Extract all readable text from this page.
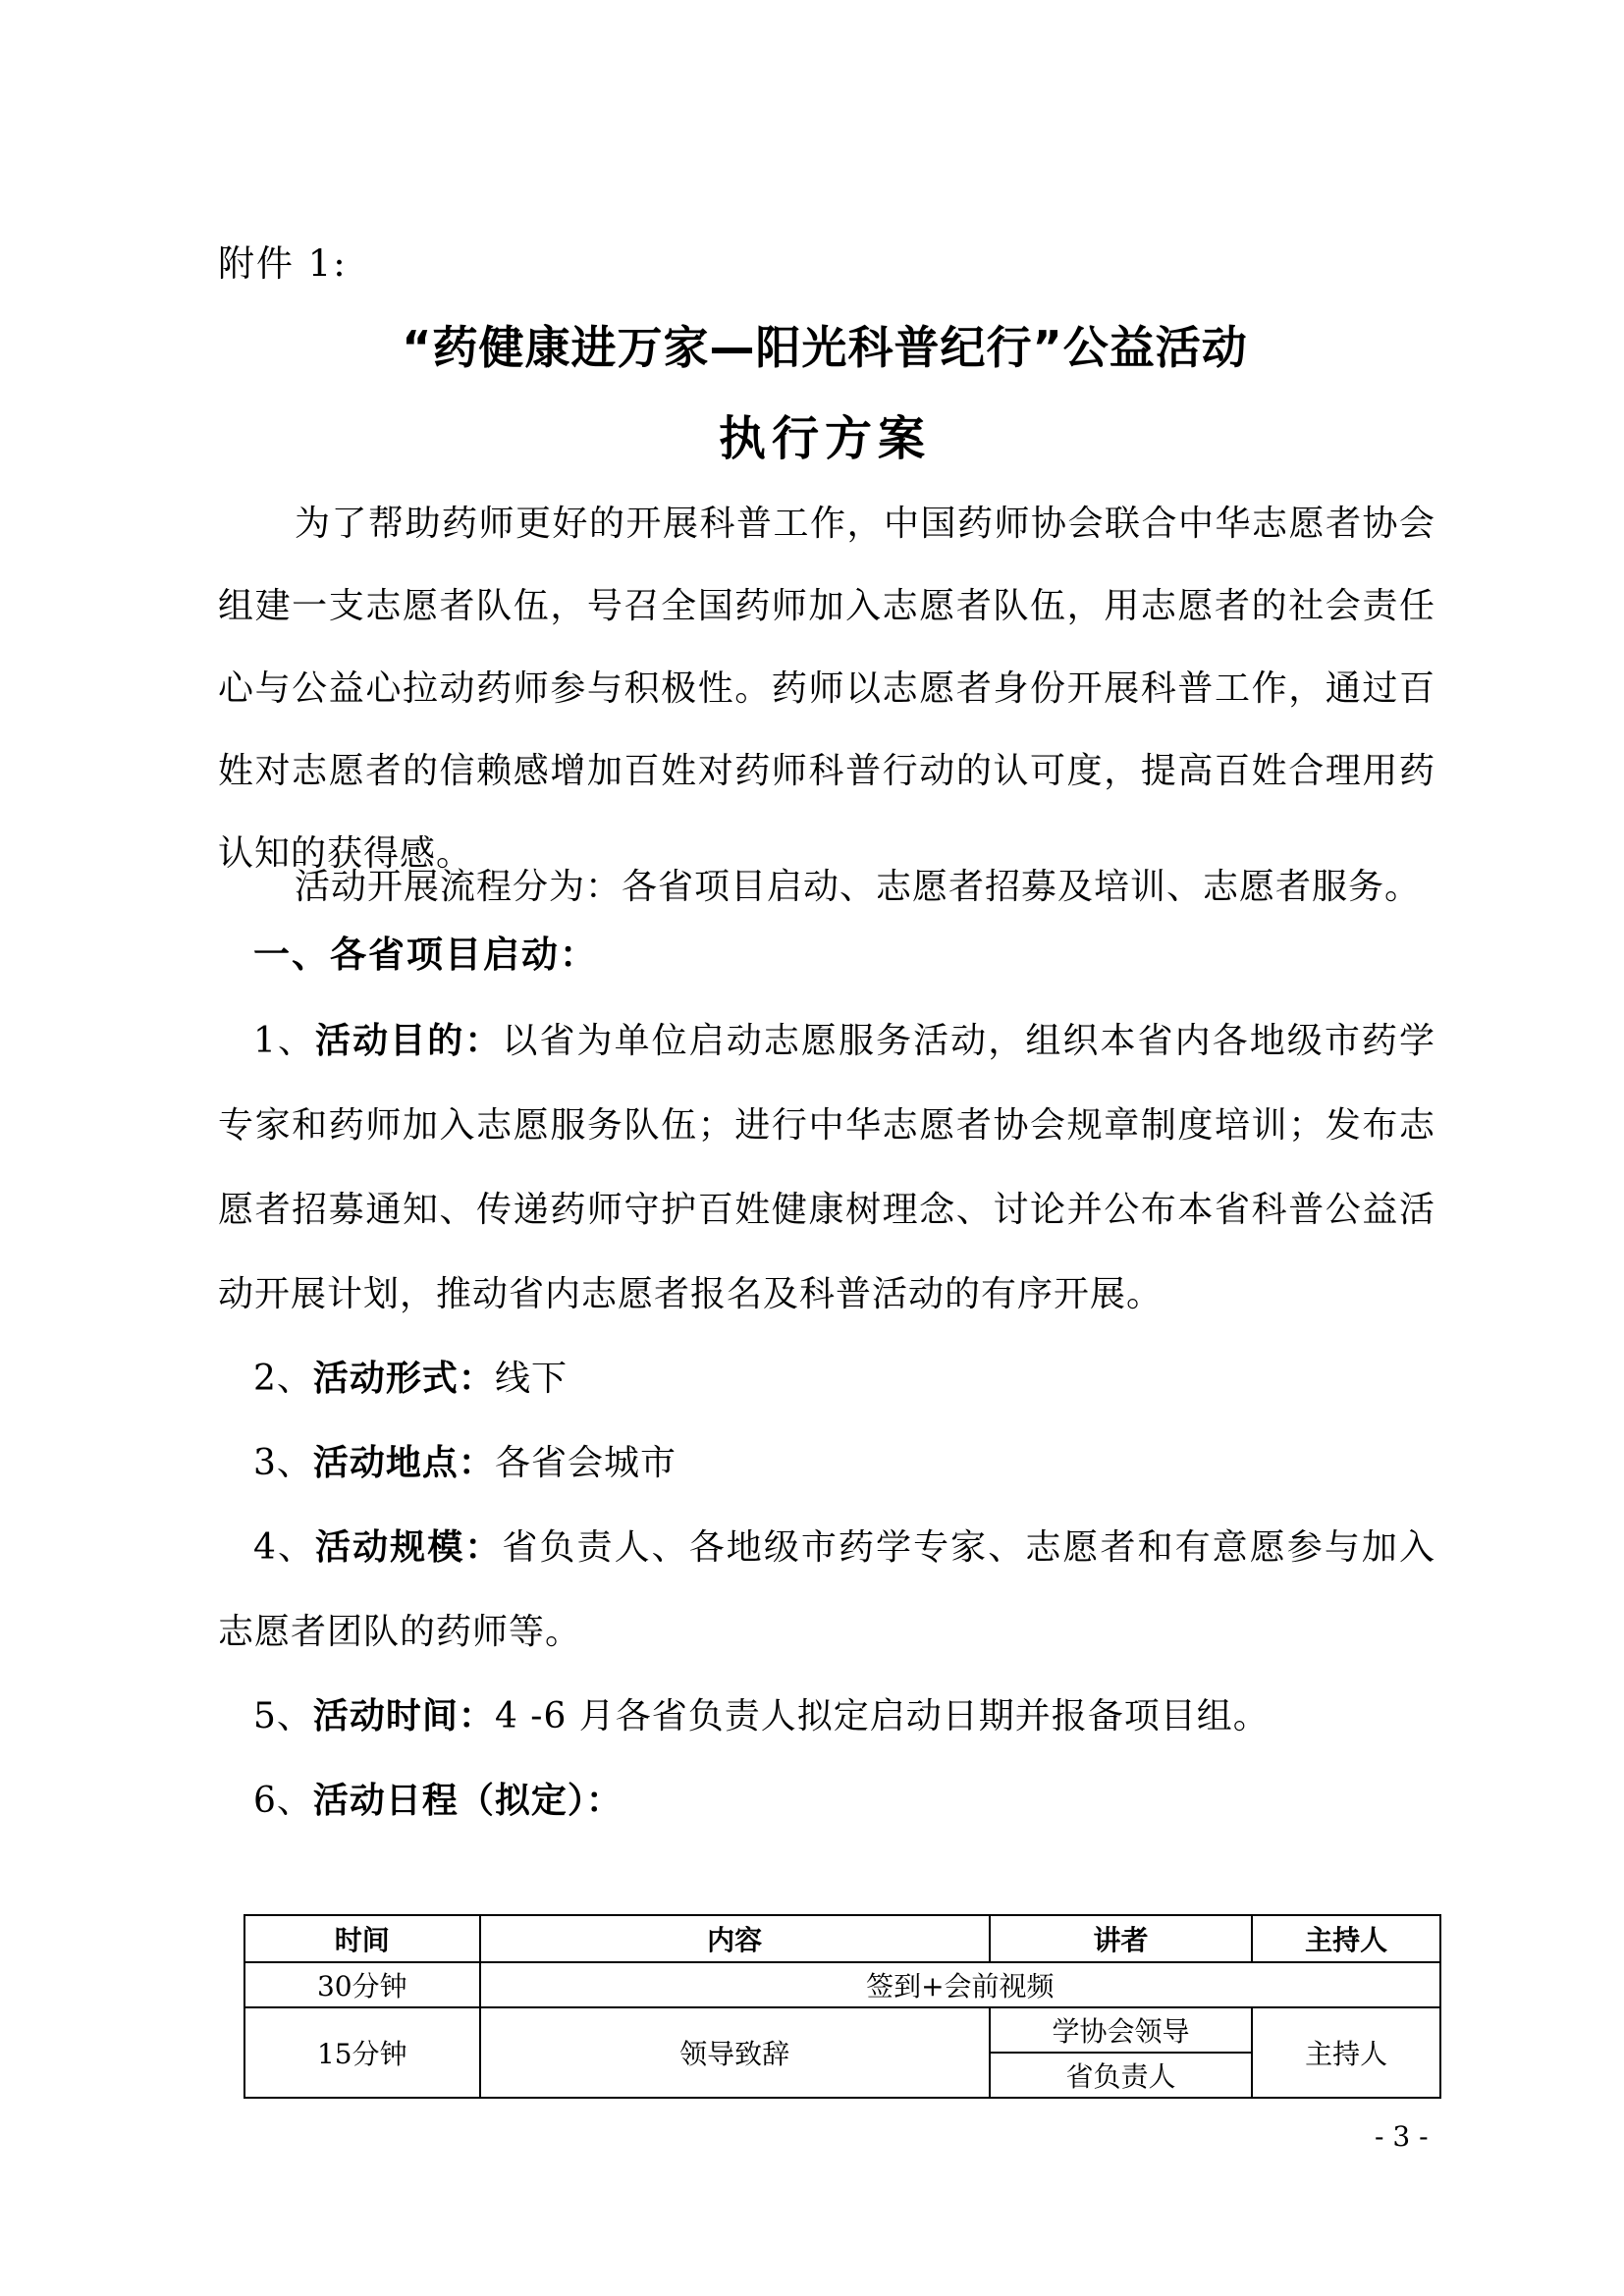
附件 1:
“药健康进万家—阳光科普纪行”公益活动
执行方案
为了帮助药师更好的开展科普工作，中国药师协会联合中华志愿者协会组建一支志愿者队伍，号召全国药师加入志愿者队伍，用志愿者的社会责任心与公益心拉动药师参与积极性。药师以志愿者身份开展科普工作，通过百姓对志愿者的信赖感增加百姓对药师科普行动的认可度，提高百姓合理用药认知的获得感。
活动开展流程分为：各省项目启动、志愿者招募及培训、志愿者服务。
一、各省项目启动：

1、活动目的：以省为单位启动志愿服务活动，组织本省内各地级市药学专家和药师加入志愿服务队伍；进行中华志愿者协会规章制度培训；发布志愿者招募通知、传递药师守护百姓健康树理念、讨论并公布本省科普公益活动开展计划，推动省内志愿者报名及科普活动的有序开展。

2、活动形式：线下

3、活动地点：各省会城市

4、活动规模：省负责人、各地级市药学专家、志愿者和有意愿参与加入志愿者团队的药师等。

5、活动时间：4 -6 月各省负责人拟定启动日期并报备项目组。

6、活动日程（拟定）：

时间	内容	讲者	主持人
30分钟	签到+会前视频		
15分钟	领导致辞	学协会领导	主持人
		省负责人	
- 3 -
